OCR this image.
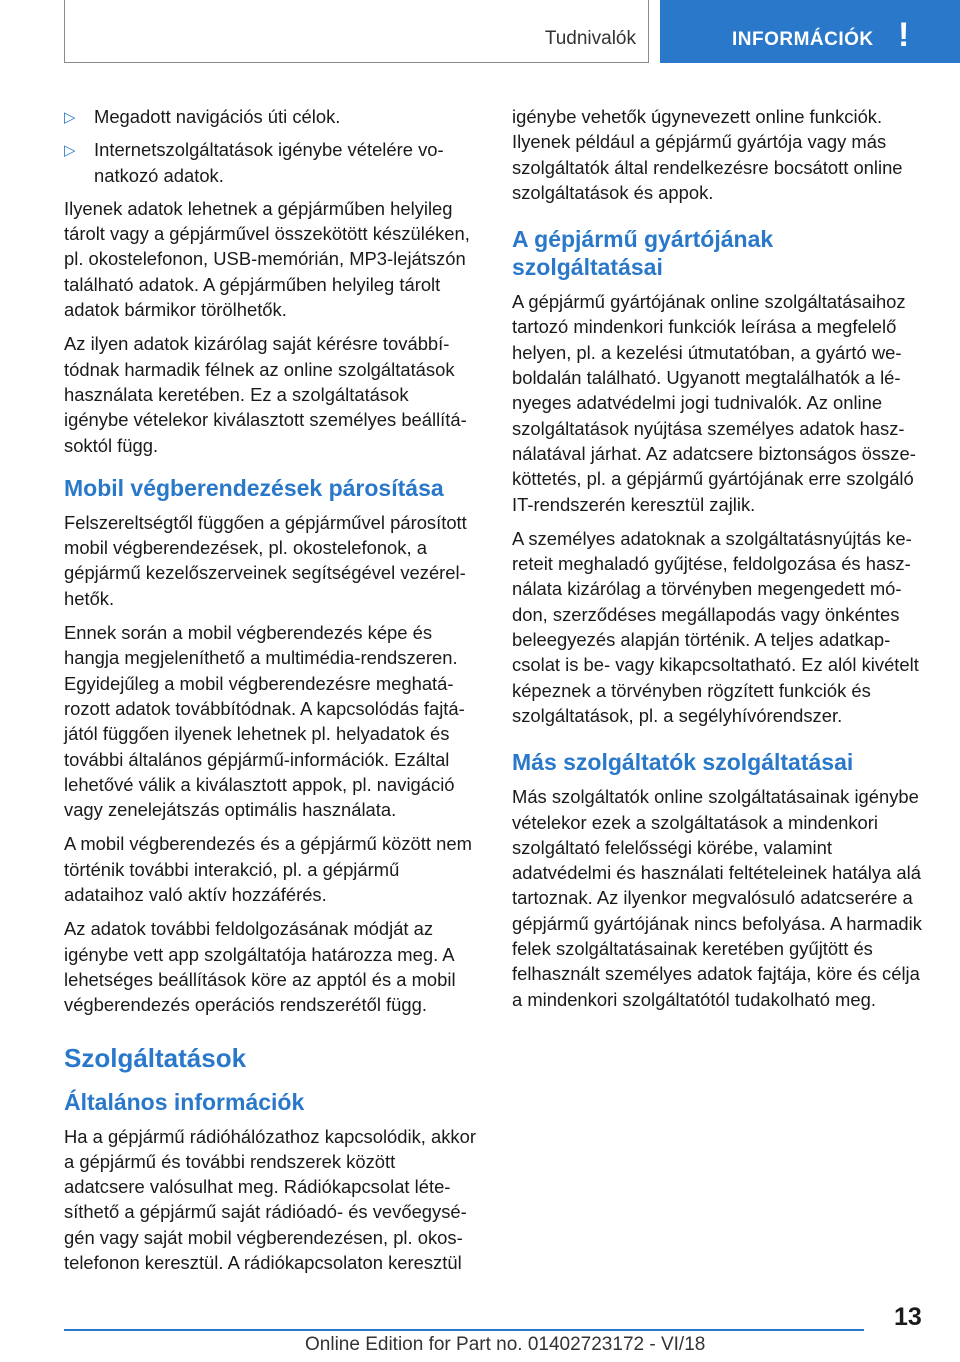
Tudnivalók	INFORMÁCIÓK !
▷ Megadott navigációs úti célok.
▷ Internetszolgáltatások igénybe vételére vonatkozó adatok.

Ilyenek adatok lehetnek a gépjárműben helyileg tárolt vagy a gépjárművel összekötött készüléken, pl. okostelefonon, USB-memórián, MP3-lejátszón található adatok. A gépjárműben helyileg tárolt adatok bármikor törölhetők.

Az ilyen adatok kizárólag saját kérésre továbbítódnak harmadik félnek az online szolgáltatások használata keretében. Ez a szolgáltatások igénybe vételekor kiválasztott személyes beállításoktól függ.

Mobil végberendezések párosítása

Felszereltségtől függően a gépjárművel párosított mobil végberendezések, pl. okostelefonok, a gépjármű kezelőszerveinek segítségével vezérelhetők.

Ennek során a mobil végberendezés képe és hangja megjeleníthető a multimédia-rendszeren. Egyidejűleg a mobil végberendezésre meghatározott adatok továbbítódnak. A kapcsolódás fajtájától függően ilyenek lehetnek pl. helyadatok és további általános gépjármű-információk. Ezáltal lehetővé válik a kiválasztott appok, pl. navigáció vagy zenelejátszás optimális használata.

A mobil végberendezés és a gépjármű között nem történik további interakció, pl. a gépjármű adataihoz való aktív hozzáférés.

Az adatok további feldolgozásának módját az igénybe vett app szolgáltatója határozza meg. A lehetséges beállítások köre az apptól és a mobil végberendezés operációs rendszerétől függ.

Szolgáltatások
Általános információk

Ha a gépjármű rádióhálózathoz kapcsolódik, akkor a gépjármű és további rendszerek között adatcsere valósulhat meg. Rádiókapcsolat létesíthető a gépjármű saját rádióadó- és vevőegységén vagy saját mobil végberendezésen, pl. okostelefonon keresztül. A rádiókapcsolaton keresztül

igénybe vehetők úgynevezett online funkciók. Ilyenek például a gépjármű gyártója vagy más szolgáltatók által rendelkezésre bocsátott online szolgáltatások és appok.

A gépjármű gyártójának szolgáltatásai

A gépjármű gyártójának online szolgáltatásaihoz tartozó mindenkori funkciók leírása a megfelelő helyen, pl. a kezelési útmutatóban, a gyártó weboldalán található. Ugyanott megtalálhatók a lényeges adatvédelmi jogi tudnivalók. Az online szolgáltatások nyújtása személyes adatok használatával járhat. Az adatcsere biztonságos összeköttetés, pl. a gépjármű gyártójának erre szolgáló IT-rendszerén keresztül zajlik.

A személyes adatoknak a szolgáltatásnyújtás kereteit meghaladó gyűjtése, feldolgozása és használata kizárólag a törvényben megengedett módon, szerződéses megállapodás vagy önkéntes beleegyezés alapján történik. A teljes adatkapcsolat is be- vagy kikapcsoltatható. Ez alól kivételt képeznek a törvényben rögzített funkciók és szolgáltatások, pl. a segélyhívórendszer.

Más szolgáltatók szolgáltatásai

Más szolgáltatók online szolgáltatásainak igénybe vételekor ezek a szolgáltatások a mindenkori szolgáltató felelősségi körébe, valamint adatvédelmi és használati feltételeinek hatálya alá tartoznak. Az ilyenkor megvalósuló adatcserére a gépjármű gyártójának nincs befolyása. A harmadik felek szolgáltatásainak keretében gyűjtött és felhasznált személyes adatok fajtája, köre és célja a mindenkori szolgáltatótól tudakolható meg.

13
Online Edition for Part no. 01402723172 - VI/18
